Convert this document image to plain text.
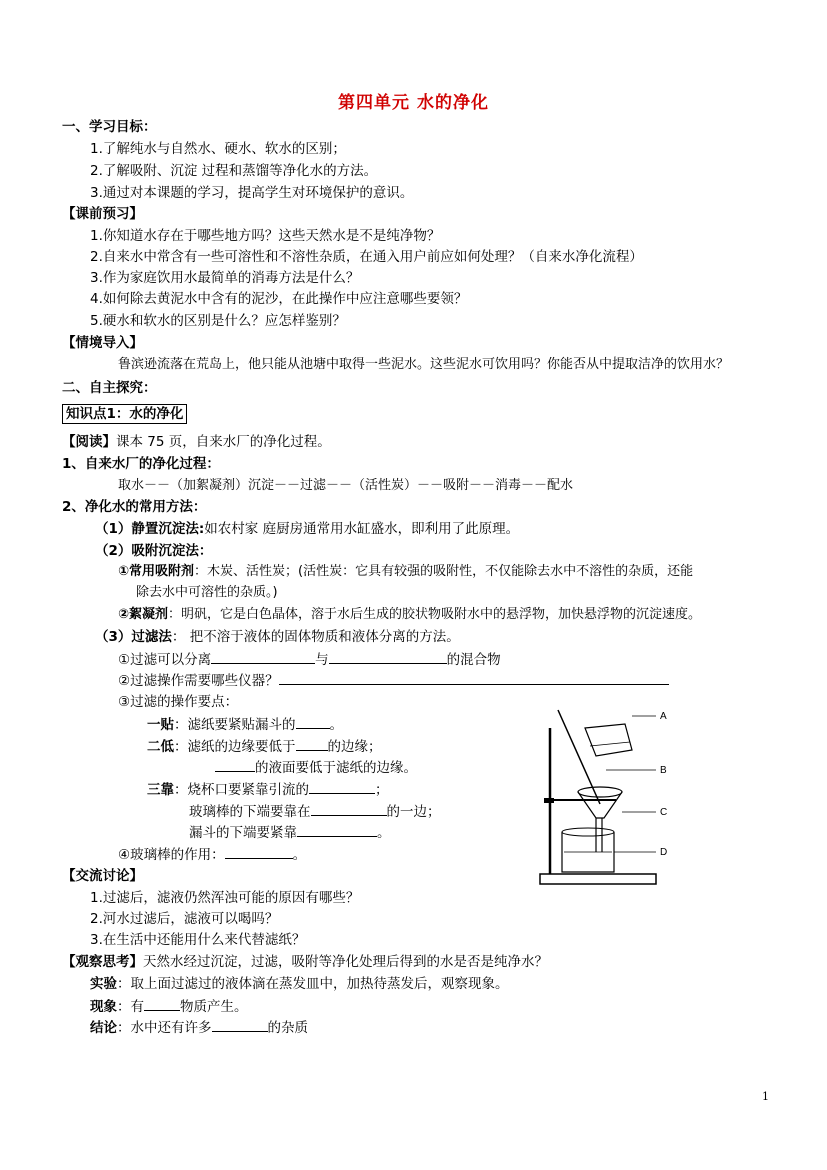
第四单元 水的净化
一、学习目标：
1.了解纯水与自然水、硬水、软水的区别；
2.了解吸附、沉淀 过程和蒸馏等净化水的方法。
3.通过对本课题的学习，提高学生对环境保护的意识。
【课前预习】
1.你知道水存在于哪些地方吗？这些天然水是不是纯净物？
2.自来水中常含有一些可溶性和不溶性杂质，在通入用户前应如何处理？（自来水净化流程）
3.作为家庭饮用水最简单的消毒方法是什么？
4.如何除去黄泥水中含有的泥沙，在此操作中应注意哪些要领？
5.硬水和软水的区别是什么？应怎样鉴别？
【情境导入】
鲁滨逊流落在荒岛上，他只能从池塘中取得一些泥水。这些泥水可饮用吗？你能否从中提取洁净的饮用水？
二、自主探究：
知识点1：水的净化
【阅读】课本 75 页，自来水厂的净化过程。
1、自来水厂的净化过程：
取水－－（加絮凝剂）沉淀－－过滤－－（活性炭）－－吸附－－消毒－－配水
2、净化水的常用方法：
（1）静置沉淀法:如农村家 庭厨房通常用水缸盛水，即利用了此原理。
（2）吸附沉淀法：
①常用吸附剂：木炭、活性炭；(活性炭：它具有较强的吸附性，不仅能除去水中不溶性的杂质，还能
除去水中可溶性的杂质。)
②絮凝剂：明矾，它是白色晶体，溶于水后生成的胶状物吸附水中的悬浮物，加快悬浮物的沉淀速度。
（3）过滤法： 把不溶于液体的固体物质和液体分离的方法。
①过滤可以分离	与	的混合物
②过滤操作需要哪些仪器？
③过滤的操作要点：
一贴：滤纸要紧贴漏斗的	。
二低：滤纸的边缘要低于 的边缘；
的液面要低于滤纸的边缘。
三靠：烧杯口要紧靠引流的	；
玻璃棒的下端要靠在	的一边；
漏斗的下端要紧靠	。
④玻璃棒的作用：	。
A
B
C
D
【交流讨论】
1.过滤后，滤液仍然浑浊可能的原因有哪些？
2.河水过滤后，滤液可以喝吗？
3.在生活中还能用什么来代替滤纸？
【观察思考】天然水经过沉淀，过滤，吸附等净化处理后得到的水是否是纯净水？
实验：取上面过滤过的液体滴在蒸发皿中，加热待蒸发后，观察现象。
现象：有	物质产生。
结论：水中还有许多	的杂质
1
